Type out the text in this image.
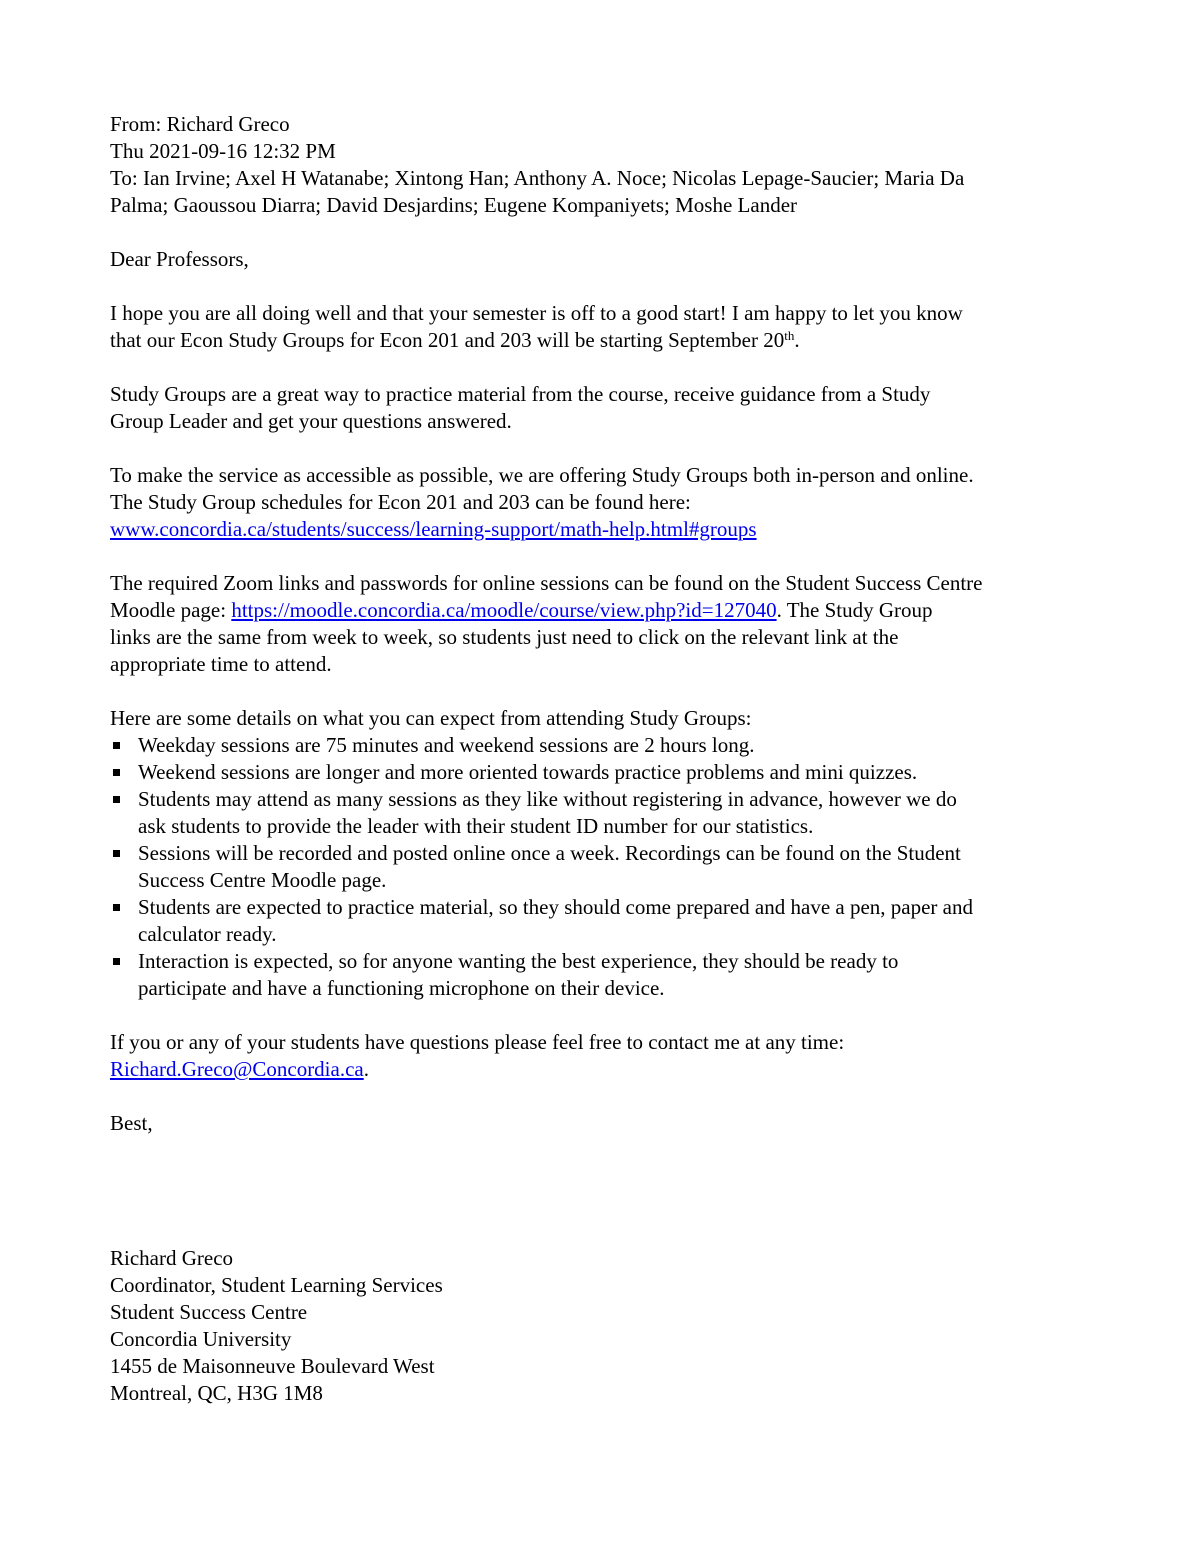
From: Richard Greco
Thu 2021-09-16 12:32 PM
To: Ian Irvine; Axel H Watanabe; Xintong Han; Anthony A. Noce; Nicolas Lepage-Saucier; Maria Da
Palma; Gaoussou Diarra; David Desjardins; Eugene Kompaniyets; Moshe Lander
Dear Professors,
I hope you are all doing well and that your semester is off to a good start! I am happy to let you know
that our Econ Study Groups for Econ 201 and 203 will be starting September 20th.
Study Groups are a great way to practice material from the course, receive guidance from a Study
Group Leader and get your questions answered.
To make the service as accessible as possible, we are offering Study Groups both in-person and online.
The Study Group schedules for Econ 201 and 203 can be found here:
www.concordia.ca/students/success/learning-support/math-help.html#groups
The required Zoom links and passwords for online sessions can be found on the Student Success Centre
Moodle page: https://moodle.concordia.ca/moodle/course/view.php?id=127040. The Study Group
links are the same from week to week, so students just need to click on the relevant link at the
appropriate time to attend.
Here are some details on what you can expect from attending Study Groups:
Weekday sessions are 75 minutes and weekend sessions are 2 hours long.
Weekend sessions are longer and more oriented towards practice problems and mini quizzes.
Students may attend as many sessions as they like without registering in advance, however we do
ask students to provide the leader with their student ID number for our statistics.
Sessions will be recorded and posted online once a week. Recordings can be found on the Student
Success Centre Moodle page.
Students are expected to practice material, so they should come prepared and have a pen, paper and
calculator ready.
Interaction is expected, so for anyone wanting the best experience, they should be ready to
participate and have a functioning microphone on their device.
If you or any of your students have questions please feel free to contact me at any time:
Richard.Greco@Concordia.ca.
Best,
Richard Greco
Coordinator, Student Learning Services
Student Success Centre
Concordia University
1455 de Maisonneuve Boulevard West
Montreal, QC, H3G 1M8
